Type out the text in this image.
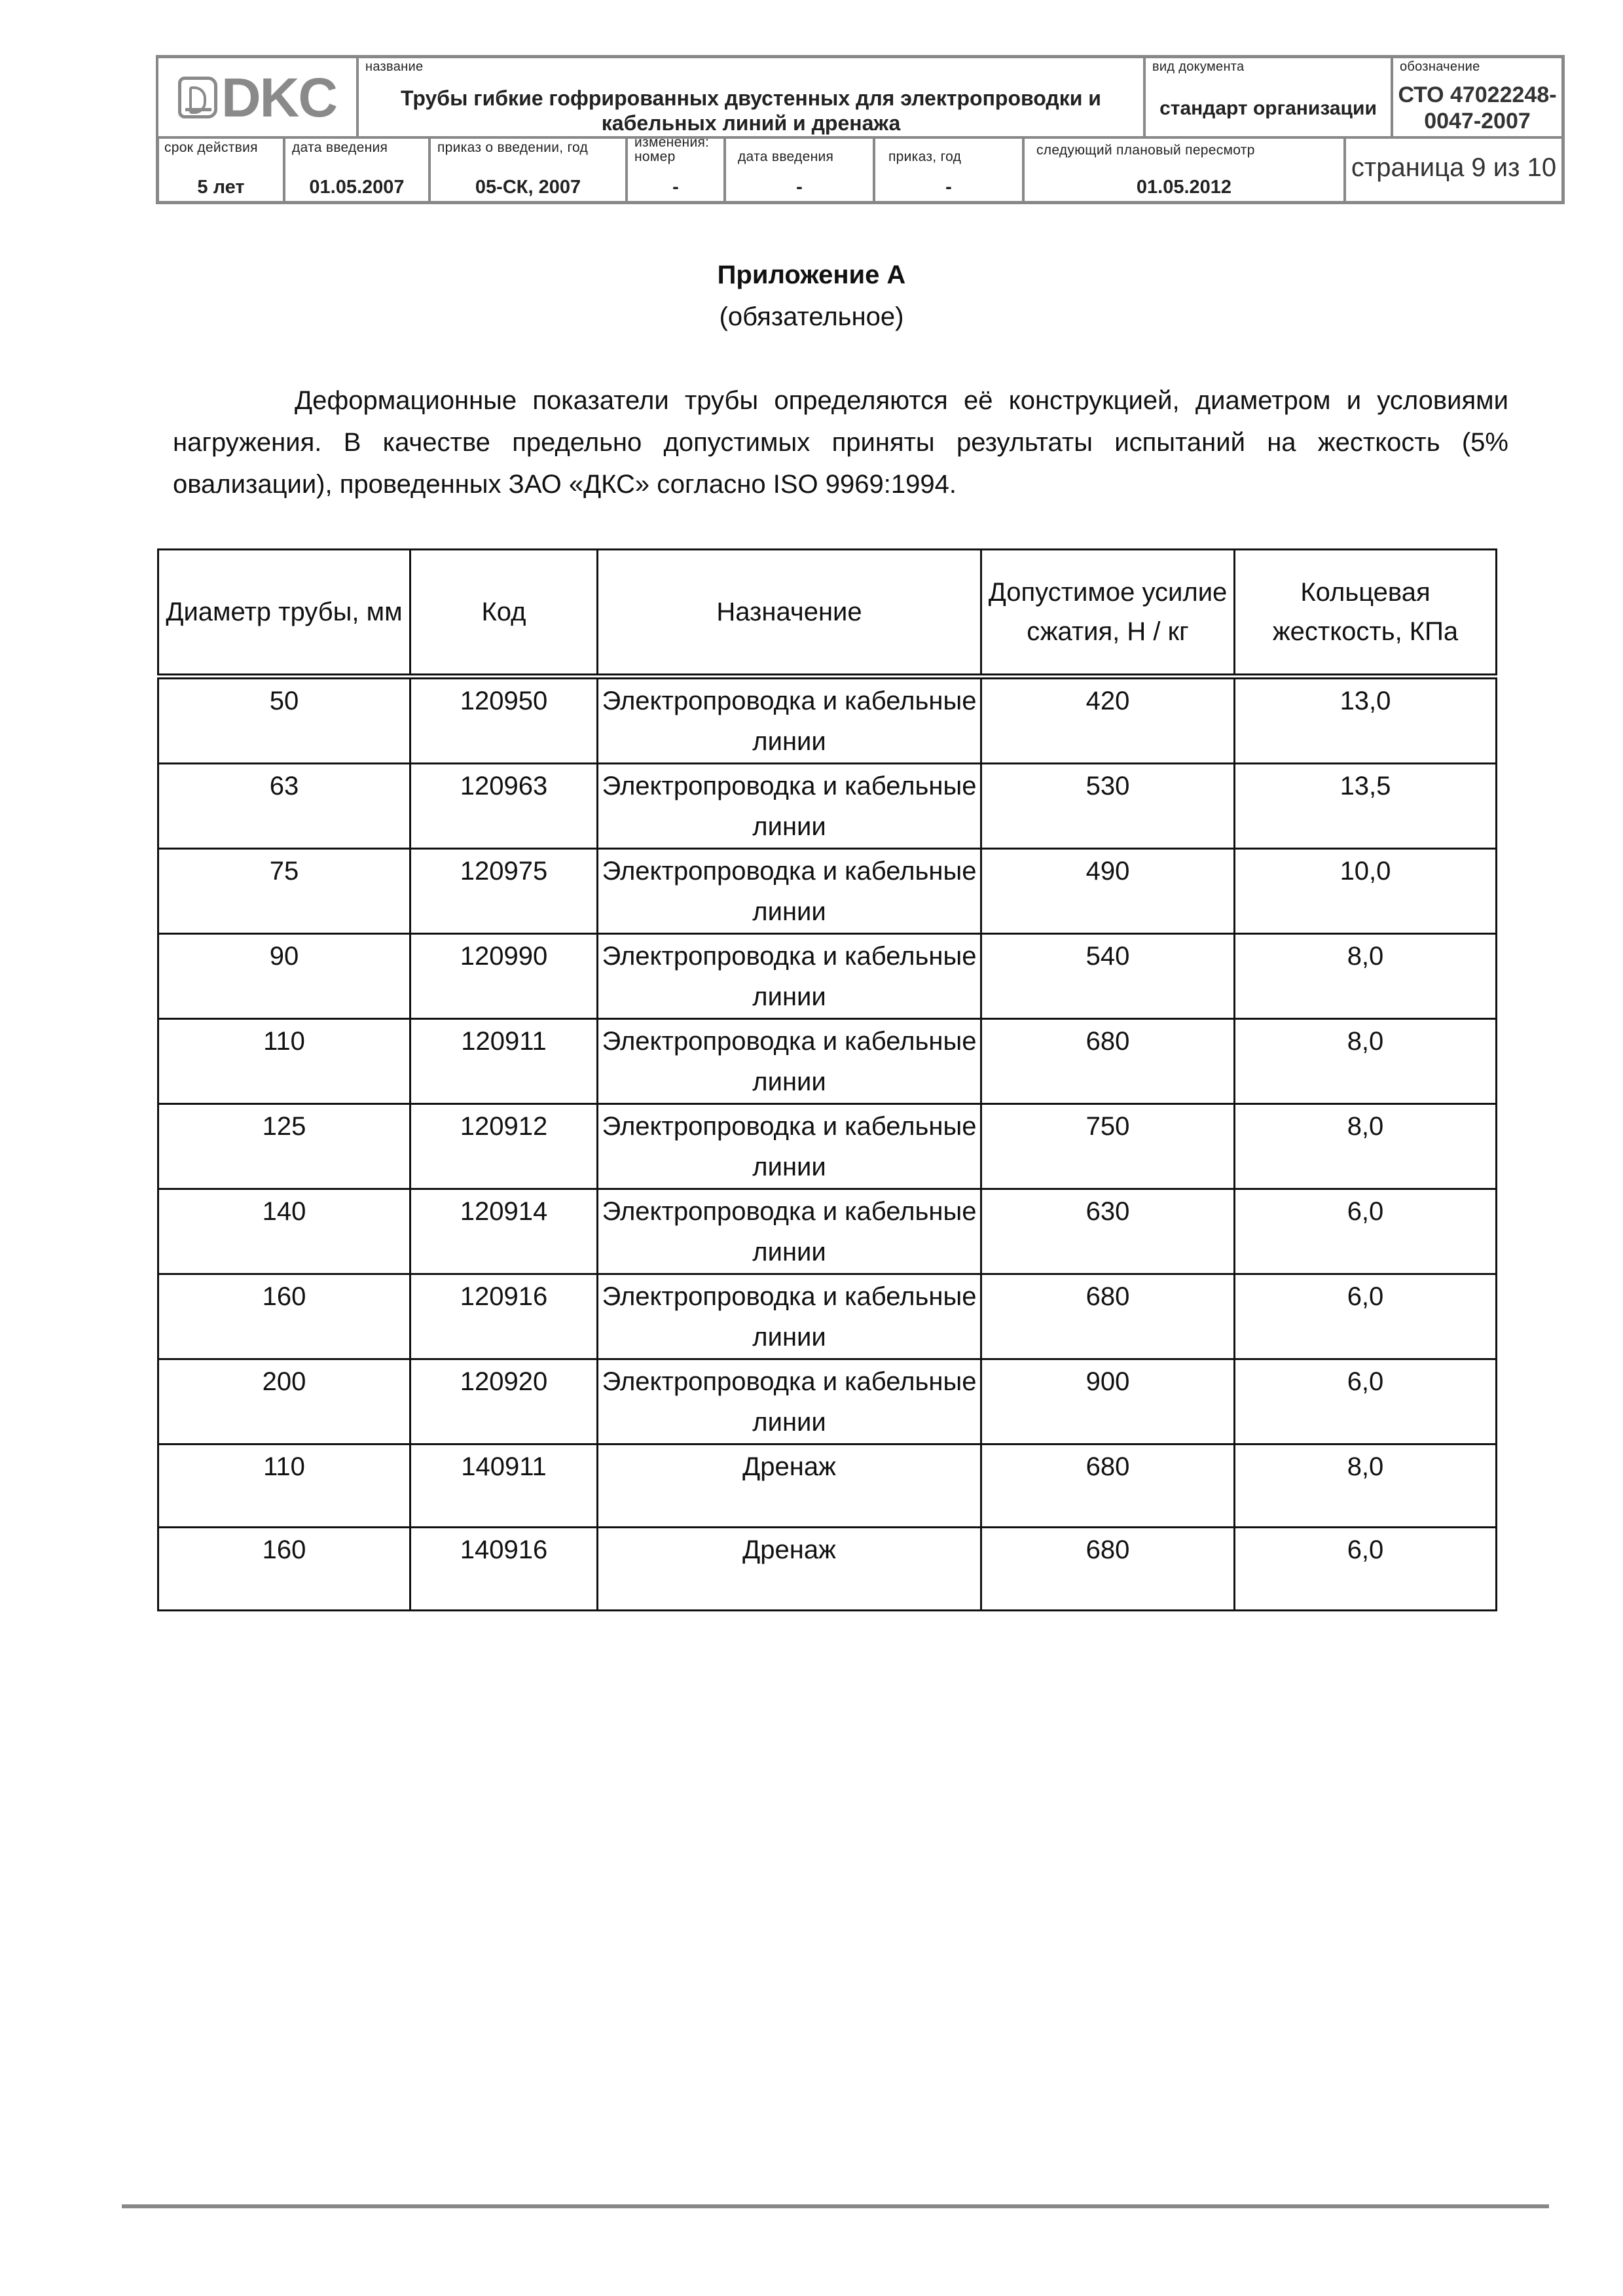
DKC название
Трубы гибкие гофрированных двустенных для электропроводки и кабельных линий и дренажа
вид документа
стандарт организации
обозначение
СТО 47022248-0047-2007
срок действия
5 лет
дата введения
01.05.2007
приказ о введении, год
05-СК, 2007
изменения:
номер
-
дата введения
-
приказ, год
-
следующий плановый пересмотр
01.05.2012
страница 9 из 10
Приложение А
(обязательное)

Деформационные показатели трубы определяются её конструкцией, диаметром и условиями нагружения. В качестве предельно допустимых приняты результаты испытаний на жесткость (5% овализации), проведенных ЗАО «ДКС» согласно ISO 9969:1994.

Диаметр трубы, мм	Код	Назначение	Допустимое усилие сжатия, Н / кг	Кольцевая жесткость, КПа
50	120950	Электропроводка и кабельные линии	420	13,0
63	120963	Электропроводка и кабельные линии	530	13,5
75	120975	Электропроводка и кабельные линии	490	10,0
90	120990	Электропроводка и кабельные линии	540	8,0
110	120911	Электропроводка и кабельные линии	680	8,0
125	120912	Электропроводка и кабельные линии	750	8,0
140	120914	Электропроводка и кабельные линии	630	6,0
160	120916	Электропроводка и кабельные линии	680	6,0
200	120920	Электропроводка и кабельные линии	900	6,0
110	140911	Дренаж	680	8,0
160	140916	Дренаж	680	6,0
